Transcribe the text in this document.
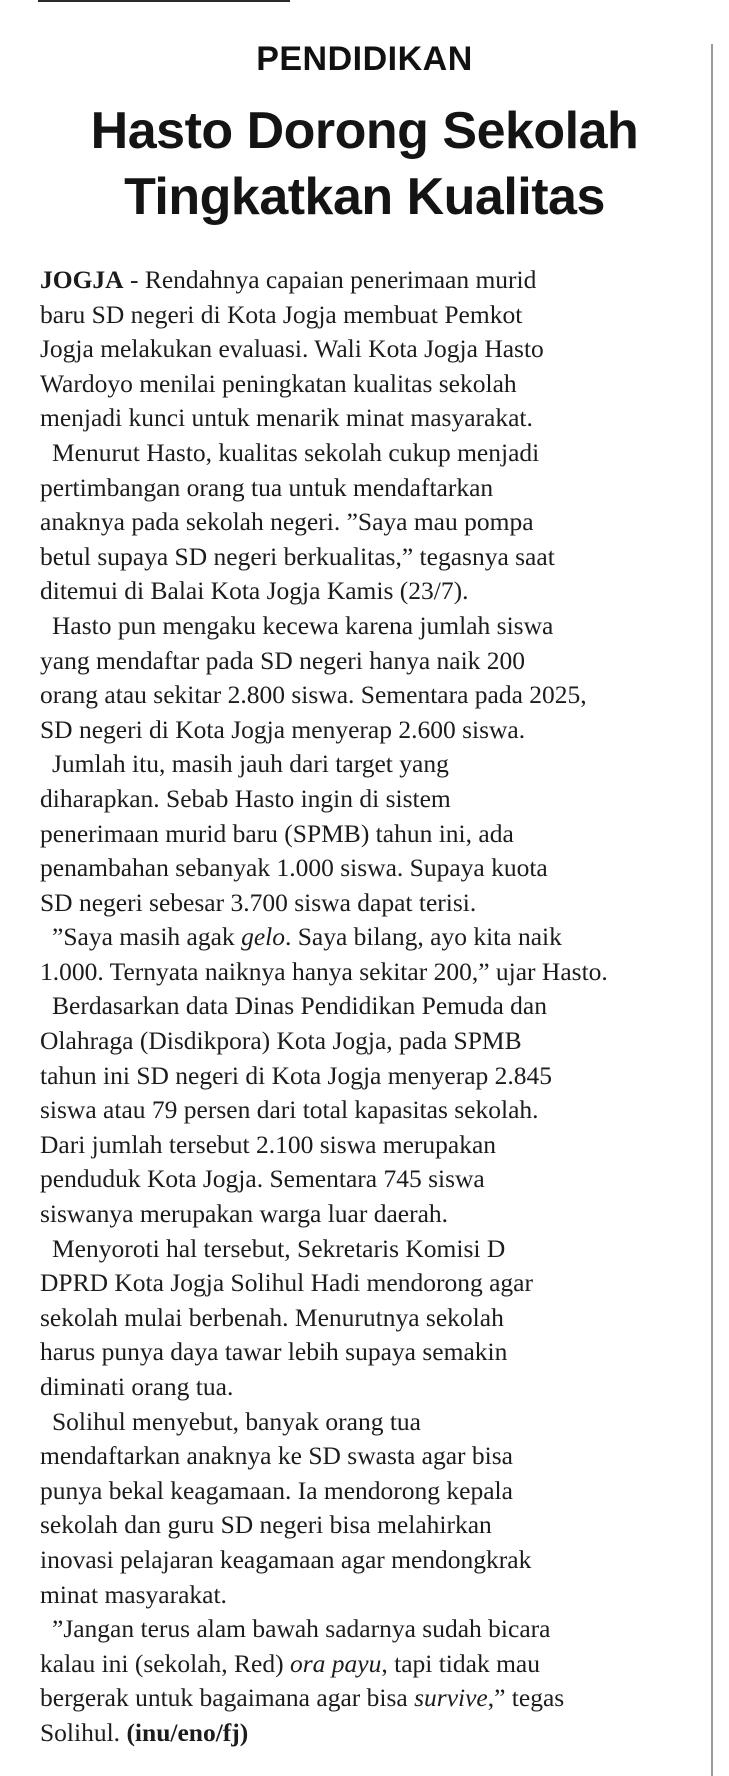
PENDIDIKAN
Hasto Dorong Sekolah
Tingkatkan Kualitas
JOGJA - Rendahnya capaian penerimaan murid
baru SD negeri di Kota Jogja membuat Pemkot
Jogja melakukan evaluasi. Wali Kota Jogja Hasto
Wardoyo menilai peningkatan kualitas sekolah
menjadi kunci untuk menarik minat masyarakat.
Menurut Hasto, kualitas sekolah cukup menjadi
pertimbangan orang tua untuk mendaftarkan
anaknya pada sekolah negeri. ”Saya mau pompa
betul supaya SD negeri berkualitas,” tegasnya saat
ditemui di Balai Kota Jogja Kamis (23/7).
Hasto pun mengaku kecewa karena jumlah siswa
yang mendaftar pada SD negeri hanya naik 200
orang atau sekitar 2.800 siswa. Sementara pada 2025,
SD negeri di Kota Jogja menyerap 2.600 siswa.
Jumlah itu, masih jauh dari target yang
diharapkan. Sebab Hasto ingin di sistem
penerimaan murid baru (SPMB) tahun ini, ada
penambahan sebanyak 1.000 siswa. Supaya kuota
SD negeri sebesar 3.700 siswa dapat terisi.
”Saya masih agak gelo. Saya bilang, ayo kita naik
1.000. Ternyata naiknya hanya sekitar 200,” ujar Hasto.
Berdasarkan data Dinas Pendidikan Pemuda dan
Olahraga (Disdikpora) Kota Jogja, pada SPMB
tahun ini SD negeri di Kota Jogja menyerap 2.845
siswa atau 79 persen dari total kapasitas sekolah.
Dari jumlah tersebut 2.100 siswa merupakan
penduduk Kota Jogja. Sementara 745 siswa
siswanya merupakan warga luar daerah.
Menyoroti hal tersebut, Sekretaris Komisi D
DPRD Kota Jogja Solihul Hadi mendorong agar
sekolah mulai berbenah. Menurutnya sekolah
harus punya daya tawar lebih supaya semakin
diminati orang tua.
Solihul menyebut, banyak orang tua
mendaftarkan anaknya ke SD swasta agar bisa
punya bekal keagamaan. Ia mendorong kepala
sekolah dan guru SD negeri bisa melahirkan
inovasi pelajaran keagamaan agar mendongkrak
minat masyarakat.
”Jangan terus alam bawah sadarnya sudah bicara
kalau ini (sekolah, Red) ora payu, tapi tidak mau
bergerak untuk bagaimana agar bisa survive,” tegas
Solihul. (inu/eno/fj)
